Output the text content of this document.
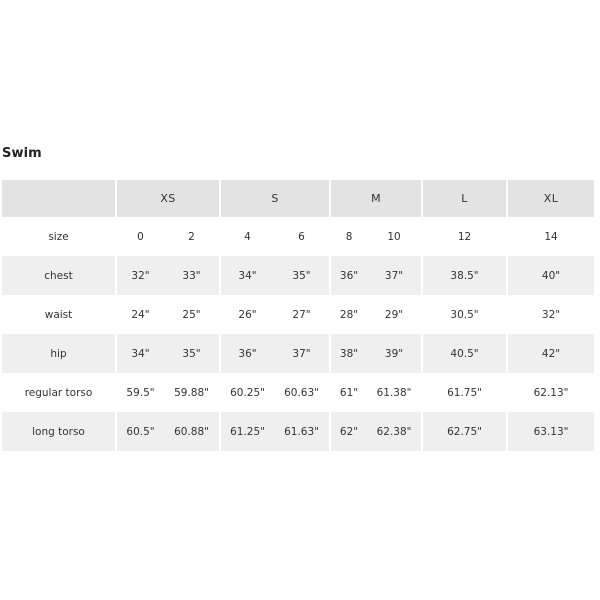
Swim
	XS		S		M		L	XL
size	0	2	4	6	8	10	12	14
chest	32"	33"	34"	35"	36"	37"	38.5"	40"
waist	24"	25"	26"	27"	28"	29"	30.5"	32"
hip	34"	35"	36"	37"	38"	39"	40.5"	42"
regular torso	59.5"	59.88"	60.25"	60.63"	61"	61.38"	61.75"	62.13"
long torso	60.5"	60.88"	61.25"	61.63"	62"	62.38"	62.75"	63.13"
